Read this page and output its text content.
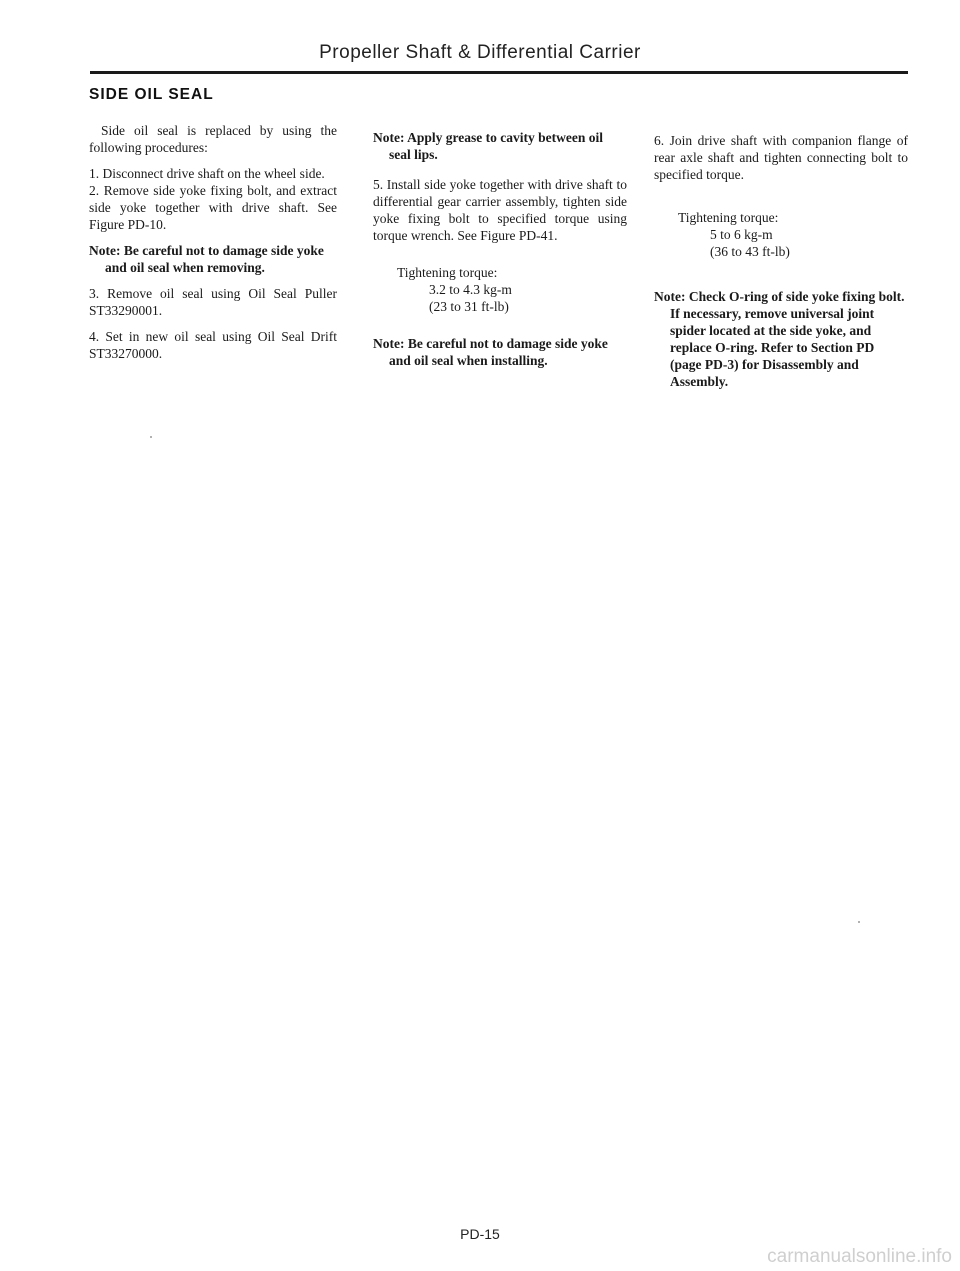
Propeller Shaft & Differential Carrier
SIDE OIL SEAL

Side oil seal is replaced by using the following procedures:

1. Disconnect drive shaft on the wheel side.

2. Remove side yoke fixing bolt, and extract side yoke together with drive shaft. See Figure PD-10.

Note: Be careful not to damage side yoke and oil seal when removing.

3. Remove oil seal using Oil Seal Puller ST33290001.

4. Set in new oil seal using Oil Seal Drift ST33270000.

Note: Apply grease to cavity between oil seal lips.

5. Install side yoke together with drive shaft to differential gear carrier assembly, tighten side yoke fixing bolt to specified torque using torque wrench. See Figure PD-41.

Tightening torque:

3.2 to 4.3 kg-m

(23 to 31 ft-lb)

Note: Be careful not to damage side yoke and oil seal when installing.

6. Join drive shaft with companion flange of rear axle shaft and tighten connecting bolt to specified torque.

Tightening torque:

5 to 6 kg-m

(36 to 43 ft-lb)

Note: Check O-ring of side yoke fixing bolt. If necessary, remove universal joint spider located at the side yoke, and replace O-ring. Refer to Section PD (page PD-3) for Disassembly and Assembly.

PD-15
carmanualsonline.info
